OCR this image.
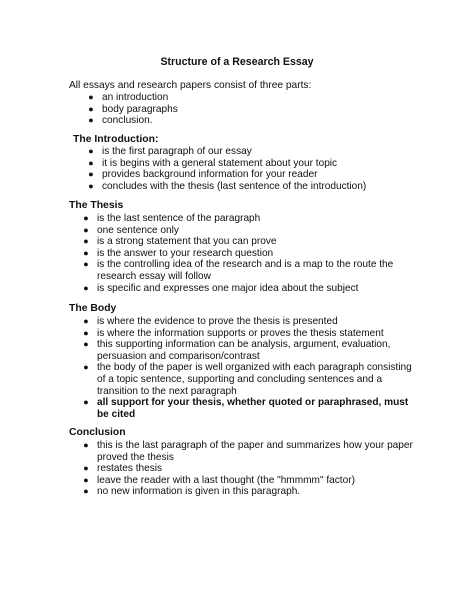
Structure of a Research Essay
All essays and research papers consist of three parts:
● an introduction
● body paragraphs
● conclusion.
The Introduction:
● is the first paragraph of our essay
● it is begins with a general statement about your topic
● provides background information for your reader
● concludes with the thesis (last sentence of the introduction)
The Thesis
● is the last sentence of the paragraph
● one sentence only
● is a strong statement that you can prove
● is the answer to your research question
● is the controlling idea of the research and is a map to the route the research essay will follow
● is specific and expresses one major idea about the subject
The Body
● is where the evidence to prove the thesis is presented
● is where the information supports or proves the thesis statement
● this supporting information can be analysis, argument, evaluation, persuasion and comparison/contrast
● the body of the paper is well organized with each paragraph consisting of a topic sentence, supporting and concluding sentences and a transition to the next paragraph
● all support for your thesis, whether quoted or paraphrased, must be cited
Conclusion
● this is the last paragraph of the paper and summarizes how your paper proved the thesis
● restates thesis
● leave the reader with a last thought (the "hmmmm" factor)
● no new information is given in this paragraph.
